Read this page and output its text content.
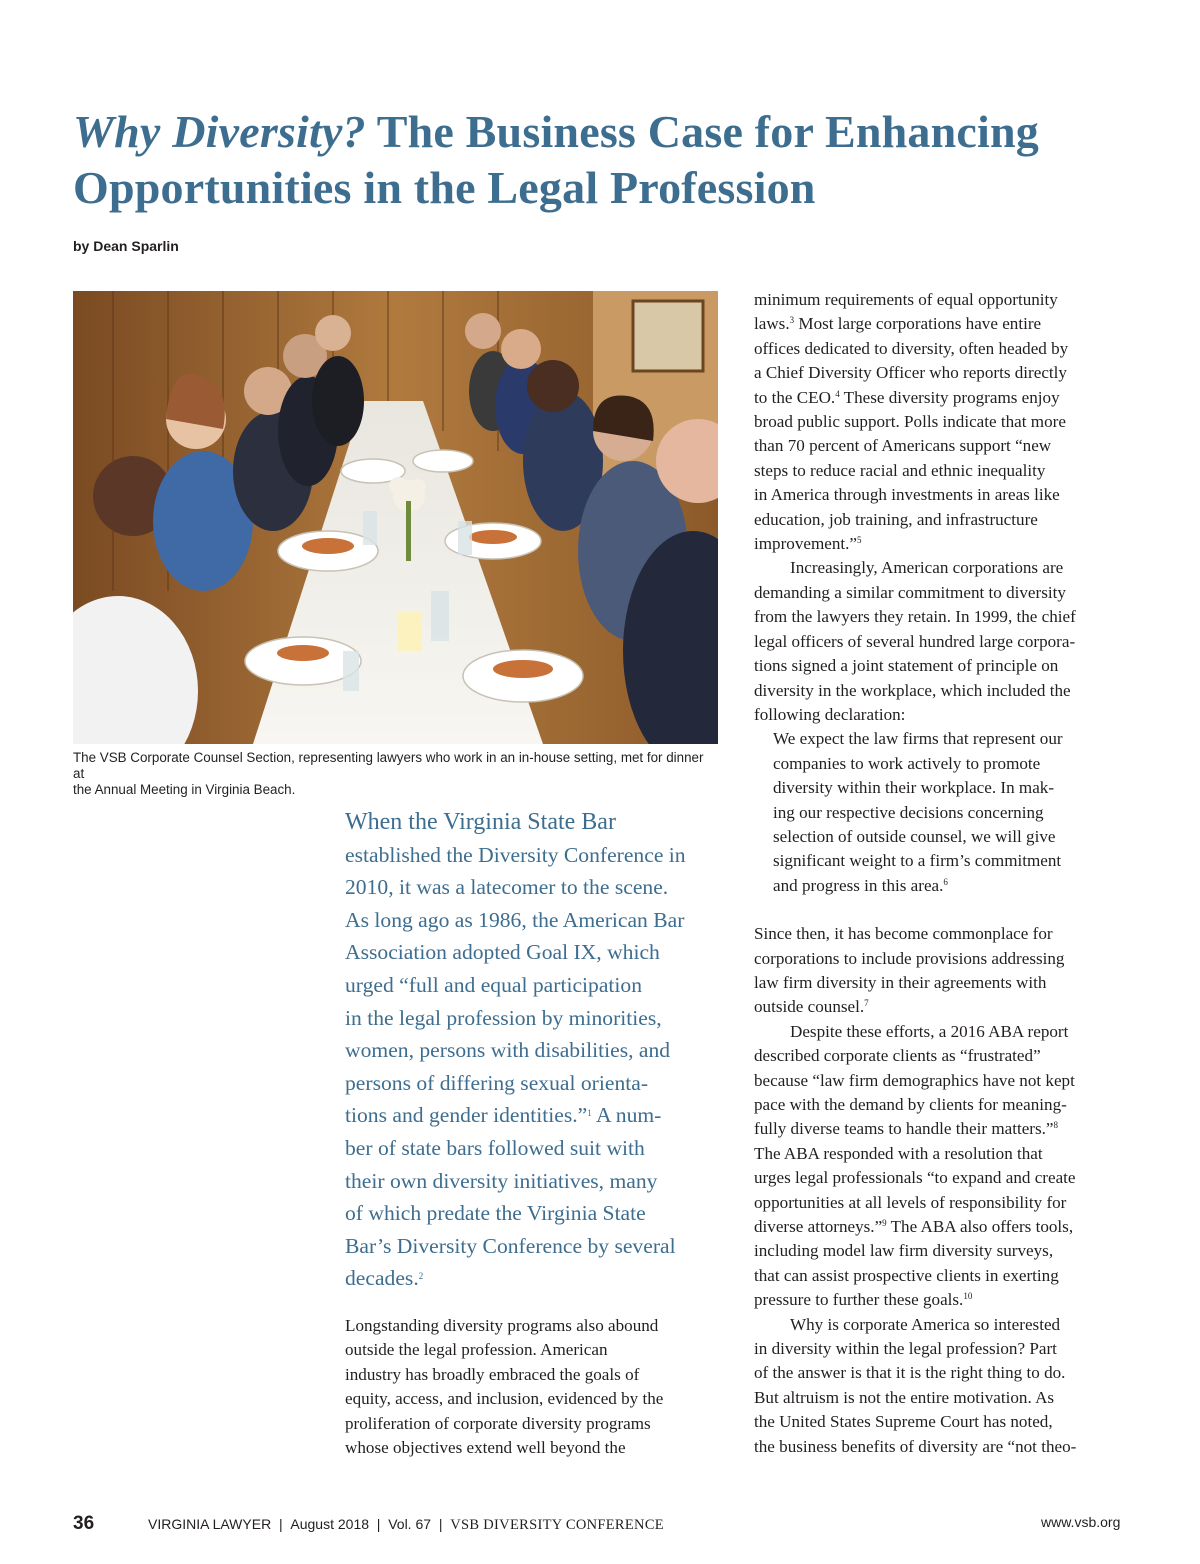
Why Diversity? The Business Case for Enhancing Opportunities in the Legal Profession
by Dean Sparlin
The VSB Corporate Counsel Section, representing lawyers who work in an in-house setting, met for dinner at
the Annual Meeting in Virginia Beach.
When the Virginia State Bar
established the Diversity Conference in
2010, it was a latecomer to the scene.
As long ago as 1986, the American Bar
Association adopted Goal IX, which
urged “full and equal participation
in the legal profession by minorities,
women, persons with disabilities, and
persons of differing sexual orienta-
tions and gender identities.”$^1$ A num-
ber of state bars followed suit with
their own diversity initiatives, many
of which predate the Virginia State
Bar’s Diversity Conference by several
decades.$^2$
Longstanding diversity programs also abound
outside the legal profession. American
industry has broadly embraced the goals of
equity, access, and inclusion, evidenced by the
proliferation of corporate diversity programs
whose objectives extend well beyond the
minimum requirements of equal opportunity
laws.$^3$ Most large corporations have entire
offices dedicated to diversity, often headed by
a Chief Diversity Officer who reports directly
to the CEO.$^4$ These diversity programs enjoy
broad public support. Polls indicate that more
than 70 percent of Americans support “new
steps to reduce racial and ethnic inequality
in America through investments in areas like
education, job training, and infrastructure
improvement.”$^5$
Increasingly, American corporations are
demanding a similar commitment to diversity
from the lawyers they retain. In 1999, the chief
legal officers of several hundred large corpora-
tions signed a joint statement of principle on
diversity in the workplace, which included the
following declaration:
We expect the law firms that represent our
companies to work actively to promote
diversity within their workplace. In mak-
ing our respective decisions concerning
selection of outside counsel, we will give
significant weight to a firm’s commitment
and progress in this area.$^6$
Since then, it has become commonplace for
corporations to include provisions addressing
law firm diversity in their agreements with
outside counsel.$^7$
Despite these efforts, a 2016 ABA report
described corporate clients as “frustrated”
because “law firm demographics have not kept
pace with the demand by clients for meaning-
fully diverse teams to handle their matters.”$^8$
The ABA responded with a resolution that
urges legal professionals “to expand and create
opportunities at all levels of responsibility for
diverse attorneys.”$^9$ The ABA also offers tools,
including model law firm diversity surveys,
that can assist prospective clients in exerting
pressure to further these goals.$^{10}$
Why is corporate America so interested
in diversity within the legal profession? Part
of the answer is that it is the right thing to do.
But altruism is not the entire motivation. As
the United States Supreme Court has noted,
the business benefits of diversity are “not theo-
36	VIRGINIA LAWYER | August 2018 | Vol. 67 | VSB DIVERSITY CONFERENCE	www.vsb.org
